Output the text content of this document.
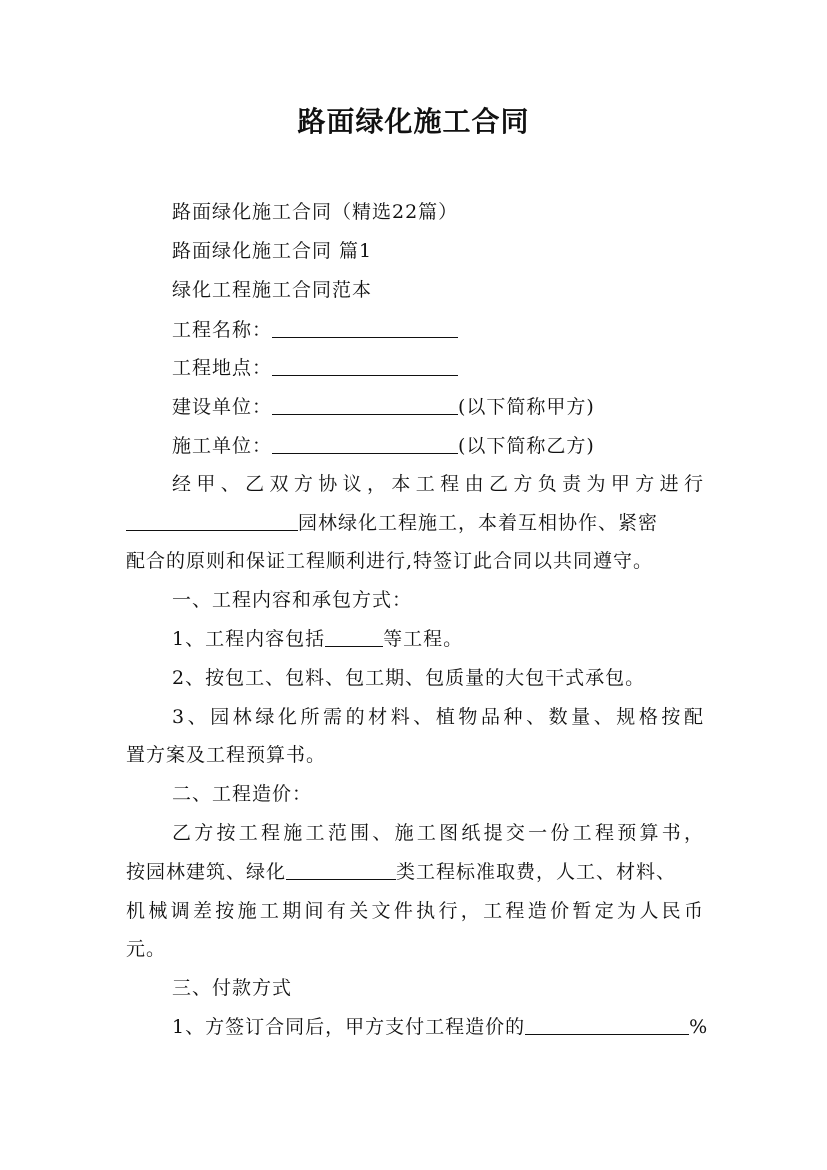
路面绿化施工合同
路面绿化施工合同（精选22篇）
路面绿化施工合同 篇1
绿化工程施工合同范本
工程名称：
工程地点：
建设单位：	(以下简称甲方)
施工单位：	(以下简称乙方)
经甲、乙双方协议，本工程由乙方负责为甲方进行
园林绿化工程施工，本着互相协作、紧密
配合的原则和保证工程顺利进行,特签订此合同以共同遵守。
一、工程内容和承包方式：
1、工程内容包括	等工程。
2、按包工、包料、包工期、包质量的大包干式承包。
3、园林绿化所需的材料、植物品种、数量、规格按配
置方案及工程预算书。
二、工程造价：
乙方按工程施工范围、施工图纸提交一份工程预算书，
按园林建筑、绿化	类工程标准取费，人工、材料、
机械调差按施工期间有关文件执行，工程造价暂定为人民币
元。
三、付款方式
1、方签订合同后，甲方支付工程造价的	%
